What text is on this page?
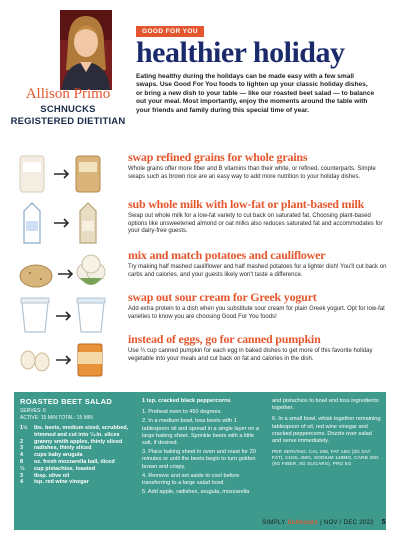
Allison Primo
SCHNUCKS
REGISTERED DIETITIAN
GOOD FOR YOU
healthier holiday
Eating healthy during the holidays can be made easy with a few small swaps. Use Good For You foods to lighten up your classic holiday dishes, or bring a new dish to your table — like our roasted beet salad — to balance out your meal. Most importantly, enjoy the moments around the table with your friends and family during this special time of year.
swap refined grains for whole grains
Whole grains offer more fiber and B vitamins than their white, or refined, counterparts. Simple swaps such as brown rice are an easy way to add more nutrition to your holiday dishes.
sub whole milk with low-fat or plant-based milk
Swap out whole milk for a low-fat variety to cut back on saturated fat. Choosing plant-based options like unsweetened almond or oat milks also reduces saturated fat and accommodates for your dairy-free guests.
mix and match potatoes and cauliflower
Try making half mashed cauliflower and half mashed potatoes for a lighter dish! You'll cut back on carbs and calories, and your guests likely won't taste a difference.
swap out sour cream for Greek yogurt
Add extra protein to a dish when you substitute sour cream for plain Greek yogurt. Opt for low-fat varieties to know you are choosing Good For You foods!
instead of eggs, go for canned pumpkin
Use ¼ cup canned pumpkin for each egg in baked dishes to get more of this favorite holiday vegetable into your meals and cut back on fat and calories in the dish.
ROASTED BEET SALAD
SERVES: 6
ACTIVE: 15 MIN TOTAL: 15 MIN
1½	lbs. beets, medium sized, scrubbed, trimmed and cut into ¼-in. slices
2	granny smith apples, thinly sliced
3	radishes, thinly sliced
4	cups baby arugula
8	oz. fresh mozzarella ball, diced
⅓	cup pistachios, toasted
3	tbsp. olive oil
4	tsp. red wine vinegar
1 tsp. cracked black peppercorns
1. Preheat oven to 450 degrees.
2. In a medium bowl, toss beets with 1 tablespoon oil and spread in a single layer on a large baking sheet. Sprinkle beets with a little salt, if desired.
3. Place baking sheet in oven and roast for 20 minutes or until the beets begin to turn golden brown and crispy.
4. Remove and set aside to cool before transferring to a large salad bowl.
5. Add apple, radishes, arugula, mozzarella
and pistachios to bowl and toss ingredients together.
6. In a small bowl, whisk together remaining tablespoon of oil, red wine vinegar and cracked peppercorns. Drizzle over salad and serve immediately.
PER SERVING: CAL 296, FAT 18G (3G SAT FAT), CHOL 4MG, SODIUM 149MG, CARB 28G (5G FIBER, 8G SUGARS), PRO 5G
SIMPLY Schnucks | NOV / DEC 2022 5
